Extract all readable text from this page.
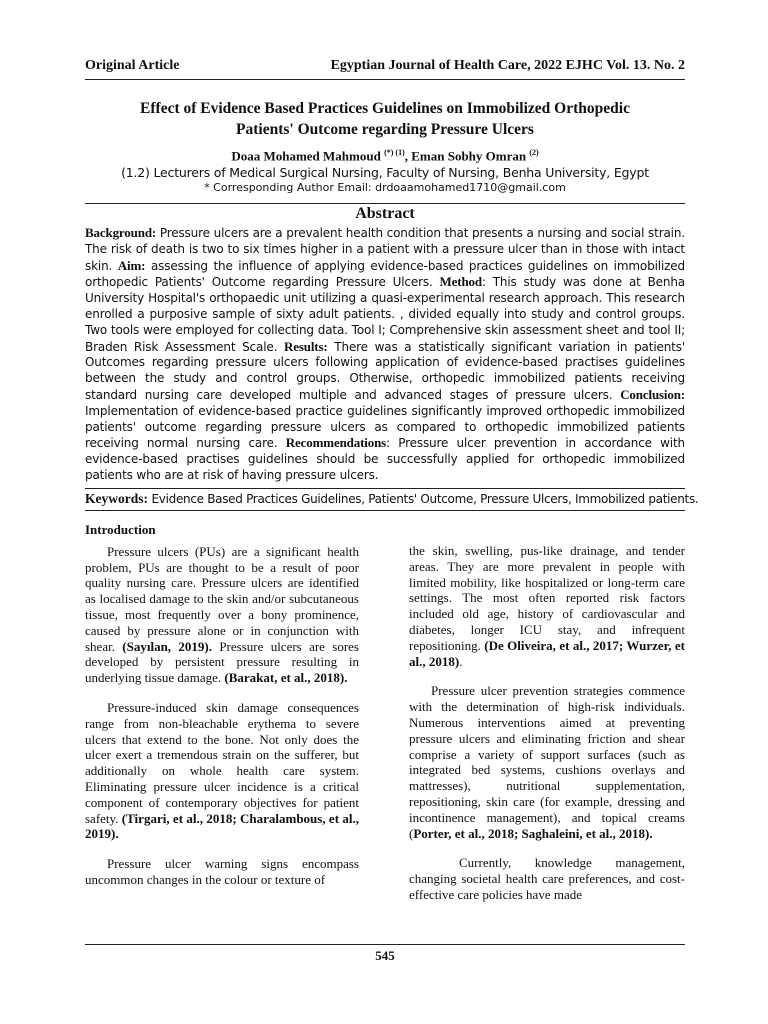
Original Article	Egyptian Journal of Health Care, 2022 EJHC Vol. 13. No. 2
Effect of Evidence Based Practices Guidelines on Immobilized Orthopedic
Patients' Outcome regarding Pressure Ulcers
Doaa Mohamed Mahmoud $^{(*) (1)}$, Eman Sobhy Omran $^{(2)}$
(1.2) Lecturers of Medical Surgical Nursing, Faculty of Nursing, Benha University, Egypt
* Corresponding Author Email: drdoaamohamed1710@gmail.com
Abstract
Background: Pressure ulcers are a prevalent health condition that presents a nursing and social strain. The risk of death is two to six times higher in a patient with a pressure ulcer than in those with intact skin. Aim: assessing the influence of applying evidence-based practices guidelines on immobilized orthopedic Patients' Outcome regarding Pressure Ulcers. Method: This study was done at Benha University Hospital's orthopaedic unit utilizing a quasi-experimental research approach. This research enrolled a purposive sample of sixty adult patients. , divided equally into study and control groups. Two tools were employed for collecting data. Tool I; Comprehensive skin assessment sheet and tool II; Braden Risk Assessment Scale. Results: There was a statistically significant variation in patients' Outcomes regarding pressure ulcers following application of evidence-based practises guidelines between the study and control groups. Otherwise, orthopedic immobilized patients receiving standard nursing care developed multiple and advanced stages of pressure ulcers. Conclusion: Implementation of evidence-based practice guidelines significantly improved orthopedic immobilized patients' outcome regarding pressure ulcers as compared to orthopedic immobilized patients receiving normal nursing care. Recommendations: Pressure ulcer prevention in accordance with evidence-based practises guidelines should be successfully applied for orthopedic immobilized patients who are at risk of having pressure ulcers.
Keywords: Evidence Based Practices Guidelines, Patients' Outcome, Pressure Ulcers, Immobilized patients.
Introduction

Pressure ulcers (PUs) are a significant health problem, PUs are thought to be a result of poor quality nursing care. Pressure ulcers are identified as localised damage to the skin and/or subcutaneous tissue, most frequently over a bony prominence, caused by pressure alone or in conjunction with shear. (Sayılan, 2019). Pressure ulcers are sores developed by persistent pressure resulting in underlying tissue damage. (Barakat, et al., 2018).

Pressure-induced skin damage consequences range from non-bleachable erythema to severe ulcers that extend to the bone. Not only does the ulcer exert a tremendous strain on the sufferer, but additionally on whole health care system. Eliminating pressure ulcer incidence is a critical component of contemporary objectives for patient safety. (Tirgari, et al., 2018; Charalambous, et al., 2019).

Pressure ulcer warning signs encompass uncommon changes in the colour or texture of

the skin, swelling, pus-like drainage, and tender areas. They are more prevalent in people with limited mobility, like hospitalized or long-term care settings. The most often reported risk factors included old age, history of cardiovascular and diabetes, longer ICU stay, and infrequent repositioning. (De Oliveira, et al., 2017; Wurzer, et al., 2018).

Pressure ulcer prevention strategies commence with the determination of high-risk individuals. Numerous interventions aimed at preventing pressure ulcers and eliminating friction and shear comprise a variety of support surfaces (such as integrated bed systems, cushions overlays and mattresses), nutritional supplementation, repositioning, skin care (for example, dressing and incontinence management), and topical creams (Porter, et al., 2018; Saghaleini, et al., 2018).

Currently, knowledge management, changing societal health care preferences, and cost-effective care policies have made

545
